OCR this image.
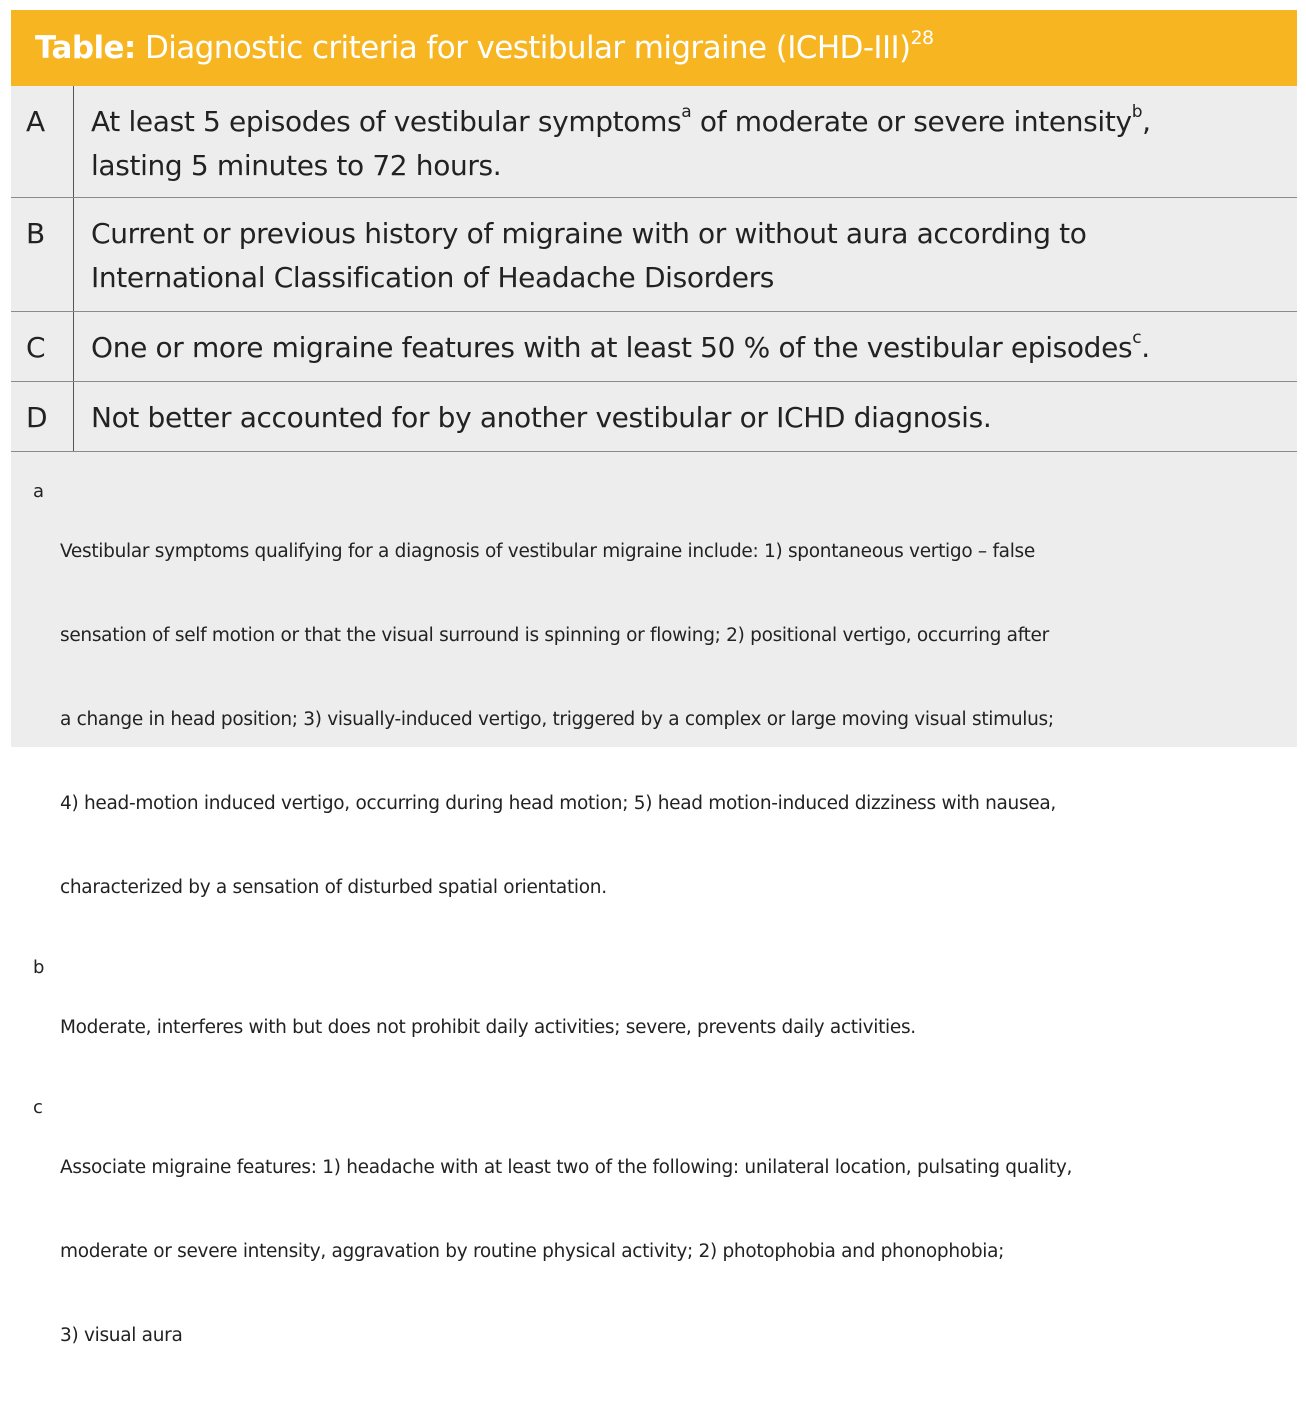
Table: Diagnostic criteria for vestibular migraine (ICHD-III)$^{28}$
A	At least 5 episodes of vestibular symptoms$^a$ of moderate or severe intensity$^b$,
lasting 5 minutes to 72 hours.
B	Current or previous history of migraine with or without aura according to
International Classification of Headache Disorders
C	One or more migraine features with at least 50 % of the vestibular episodes$^c$.
D	Not better accounted for by another vestibular or ICHD diagnosis.
a

Vestibular symptoms qualifying for a diagnosis of vestibular migraine include: 1) spontaneous vertigo – false

sensation of self motion or that the visual surround is spinning or flowing; 2) positional vertigo, occurring after

a change in head position; 3) visually-induced vertigo, triggered by a complex or large moving visual stimulus;

4) head-motion induced vertigo, occurring during head motion; 5) head motion-induced dizziness with nausea,

characterized by a sensation of disturbed spatial orientation.

b

Moderate, interferes with but does not prohibit daily activities; severe, prevents daily activities.

c

Associate migraine features: 1) headache with at least two of the following: unilateral location, pulsating quality,

moderate or severe intensity, aggravation by routine physical activity; 2) photophobia and phonophobia;

3) visual aura
